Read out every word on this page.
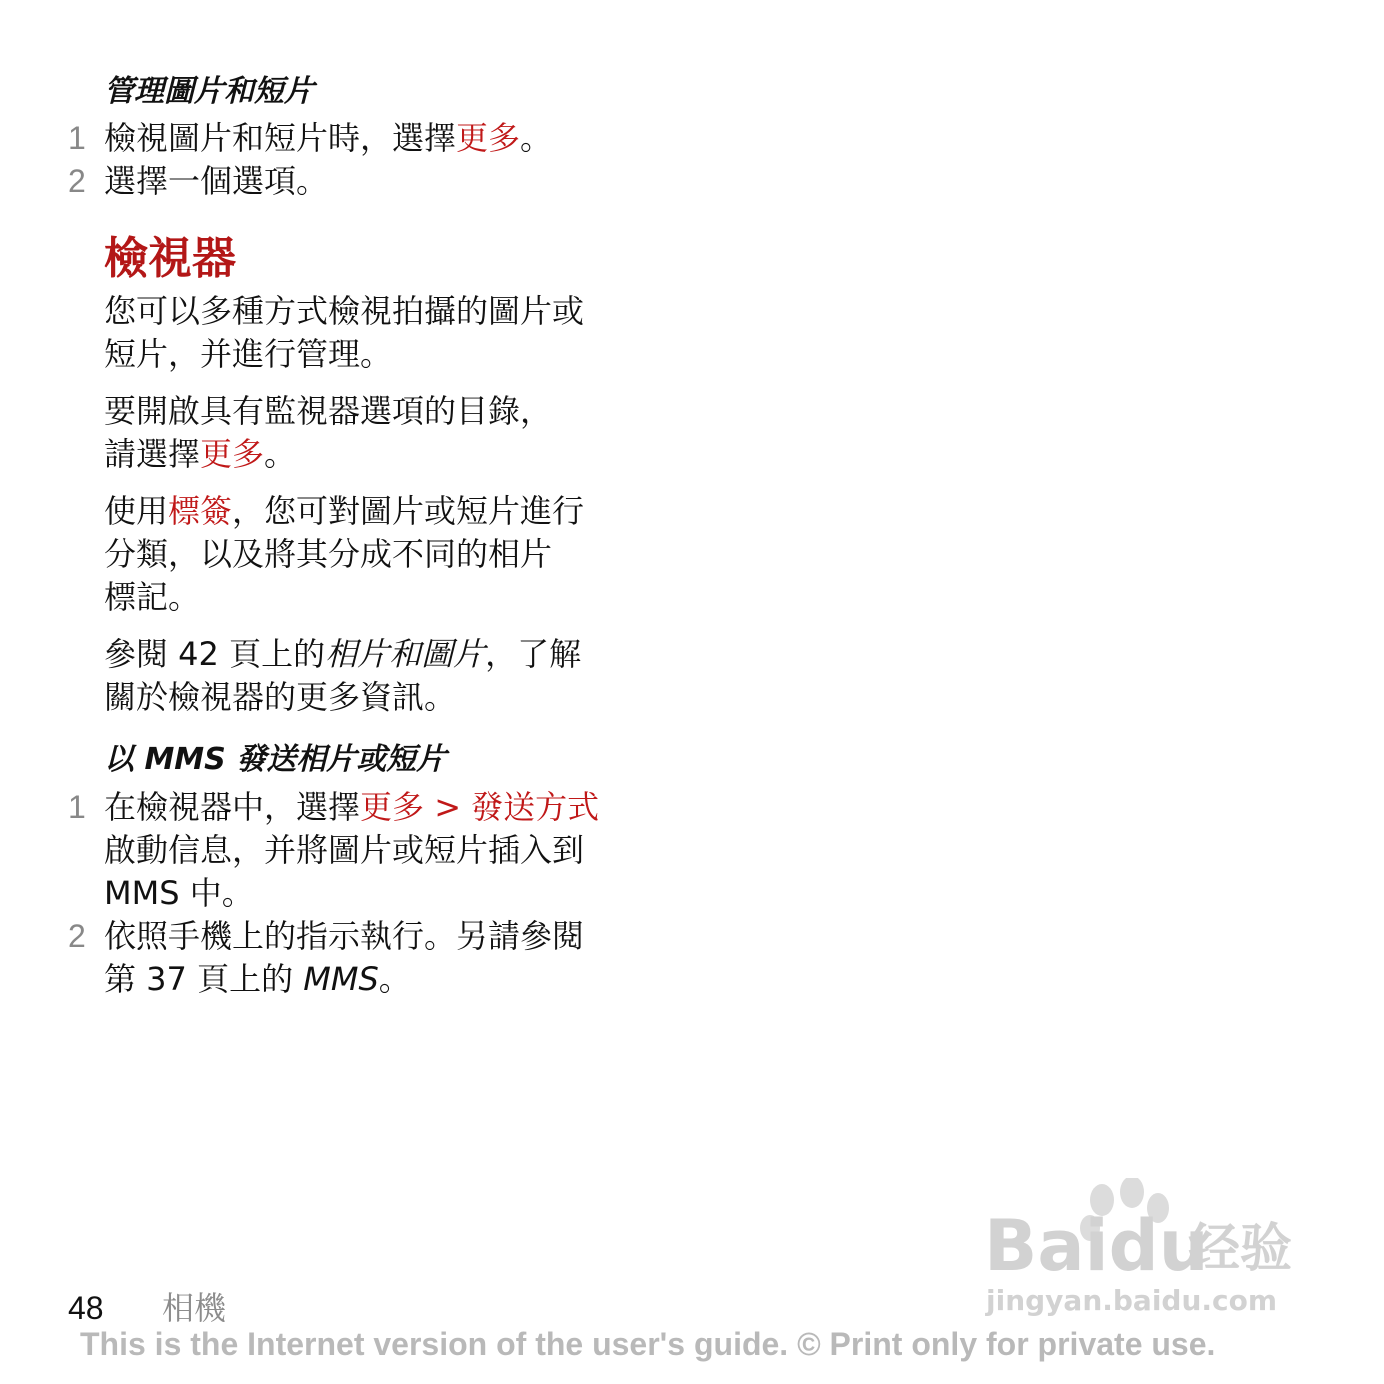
管理圖片和短片
1 檢視圖片和短片時，選擇更多。
2 選擇一個選項。
檢視器
您可以多種方式檢視拍攝的圖片或
短片，并進行管理。
要開啟具有監視器選項的目錄，
請選擇更多。
使用標簽，您可對圖片或短片進行
分類，以及將其分成不同的相片
標記。
參閱 42 頁上的相片和圖片，了解
關於檢視器的更多資訊。
以 MMS 發送相片或短片
1 在檢視器中，選擇更多 > 發送方式
啟動信息，并將圖片或短片插入到
MMS 中。
2 依照手機上的指示執行。另請參閱
第 37 頁上的 MMS。
Baidu
经验
jingyan.baidu.com
48 相機
This is the Internet version of the user's guide. © Print only for private use.
